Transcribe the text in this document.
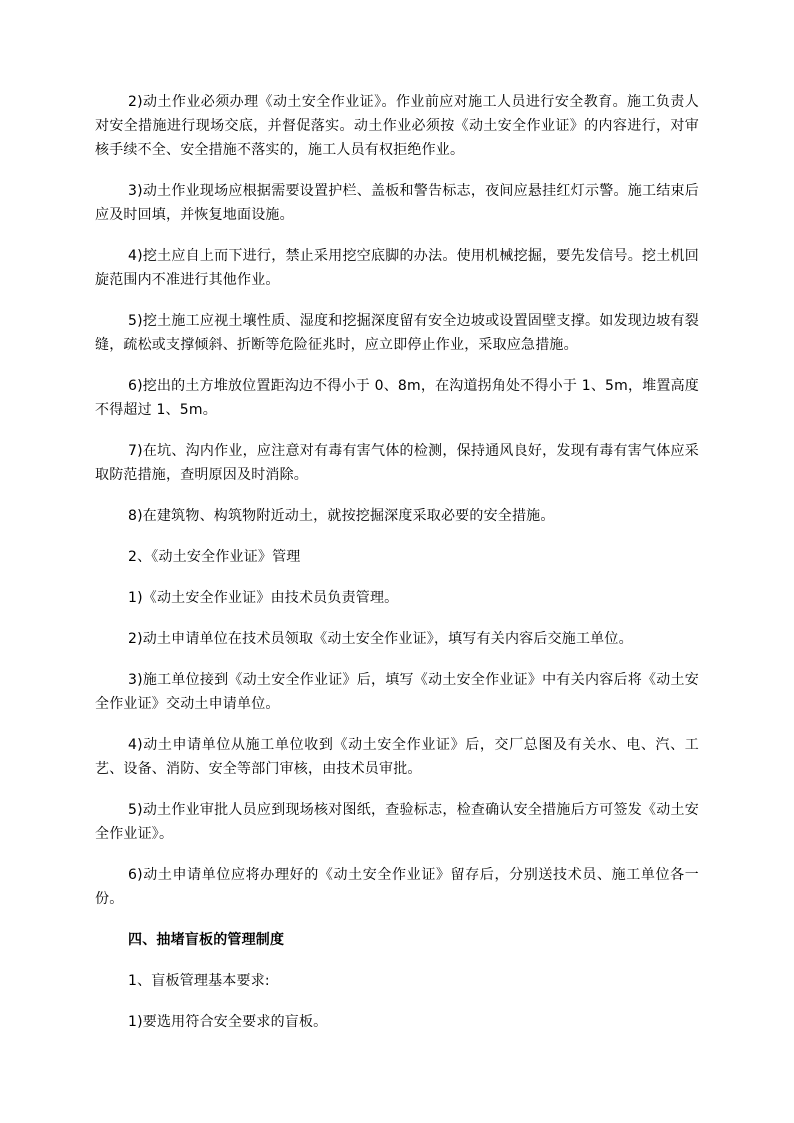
2)动土作业必须办理《动土安全作业证》。作业前应对施工人员进行安全教育。施工负责人对安全措施进行现场交底，并督促落实。动土作业必须按《动土安全作业证》的内容进行，对审核手续不全、安全措施不落实的，施工人员有权拒绝作业。

3)动土作业现场应根据需要设置护栏、盖板和警告标志，夜间应悬挂红灯示警。施工结束后应及时回填，并恢复地面设施。

4)挖土应自上而下进行，禁止采用挖空底脚的办法。使用机械挖掘，要先发信号。挖土机回旋范围内不准进行其他作业。

5)挖土施工应视土壤性质、湿度和挖掘深度留有安全边坡或设置固壁支撑。如发现边坡有裂缝，疏松或支撑倾斜、折断等危险征兆时，应立即停止作业，采取应急措施。

6)挖出的土方堆放位置距沟边不得小于 0、8m，在沟道拐角处不得小于 1、5m，堆置高度不得超过 1、5m。

7)在坑、沟内作业，应注意对有毒有害气体的检测，保持通风良好，发现有毒有害气体应采取防范措施，查明原因及时消除。

8)在建筑物、构筑物附近动土，就按挖掘深度采取必要的安全措施。

2、《动土安全作业证》管理

1)《动土安全作业证》由技术员负责管理。

2)动土申请单位在技术员领取《动土安全作业证》，填写有关内容后交施工单位。

3)施工单位接到《动土安全作业证》后，填写《动土安全作业证》中有关内容后将《动土安全作业证》交动土申请单位。

4)动土申请单位从施工单位收到《动土安全作业证》后，交厂总图及有关水、电、汽、工艺、设备、消防、安全等部门审核，由技术员审批。

5)动土作业审批人员应到现场核对图纸，查验标志，检查确认安全措施后方可签发《动土安全作业证》。

6)动土申请单位应将办理好的《动土安全作业证》留存后，分别送技术员、施工单位各一份。

四、抽堵盲板的管理制度

1、盲板管理基本要求:

1)要选用符合安全要求的盲板。
